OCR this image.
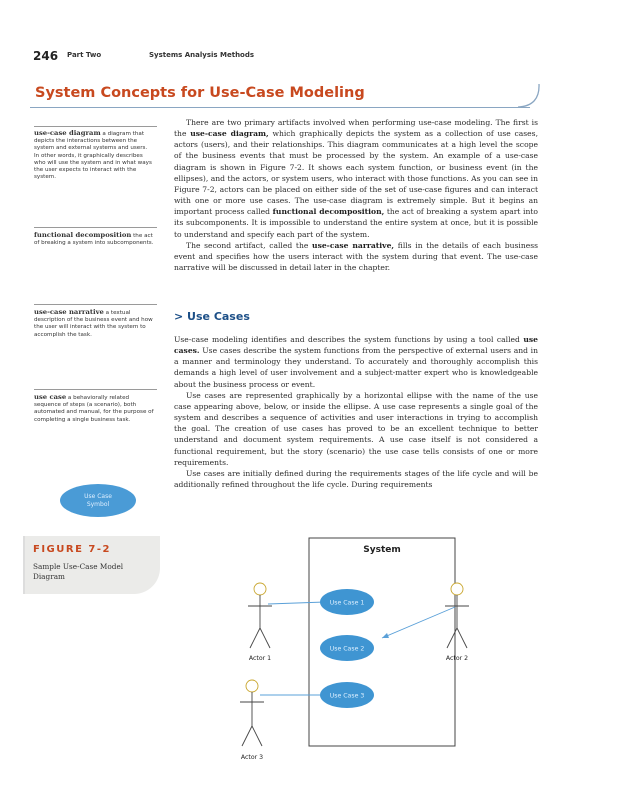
246 Part Two	Systems Analysis Methods
System Concepts for Use-Case Modeling
use-case diagram a diagram that depicts the interactions between the system and external systems and users. In other words, it graphically describes who will use the system and in what ways the user expects to interact with the system.
functional decomposition the act of breaking a system into subcomponents.
use-case narrative a textual description of the business event and how the user will interact with the system to accomplish the task.
use case a behaviorally related sequence of steps (a scenario), both automated and manual, for the purpose of completing a single business task.

There are two primary artifacts involved when performing use-case modeling. The first is the use-case diagram, which graphically depicts the system as a collection of use cases, actors (users), and their relationships. This diagram communicates at a high level the scope of the business events that must be processed by the system. An example of a use-case diagram is shown in Figure 7-2. It shows each system function, or business event (in the ellipses), and the actors, or system users, who interact with those functions. As you can see in Figure 7-2, actors can be placed on either side of the set of use-case figures and can interact with one or more use cases. The use-case diagram is extremely simple. But it begins an important process called functional decomposition, the act of breaking a system apart into its subcomponents. It is impossible to understand the entire system at once, but it is possible to understand and specify each part of the system.

The second artifact, called the use-case narrative, fills in the details of each business event and specifies how the users interact with the system during that event. The use-case narrative will be discussed in detail later in the chapter.

> Use Cases

Use-case modeling identifies and describes the system functions by using a tool called use cases. Use cases describe the system functions from the perspective of external users and in a manner and terminology they understand. To accurately and thoroughly accomplish this demands a high level of user involvement and a subject-matter expert who is knowledgeable about the business process or event.

Use cases are represented graphically by a horizontal ellipse with the name of the use case appearing above, below, or inside the ellipse. A use case represents a single goal of the system and describes a sequence of activities and user interactions in trying to accomplish the goal. The creation of use cases has proved to be an excellent technique to better understand and document system requirements. A use case itself is not considered a functional requirement, but the story (scenario) the use case tells consists of one or more requirements.

Use cases are initially defined during the requirements stages of the life cycle and will be additionally refined throughout the life cycle. During requirements

Use Case
Symbol
FIGURE 7-2
Sample Use-Case Model Diagram
System
Use Case 1
Use Case 2
Use Case 3
Actor 1	Actor 2
Actor 3
